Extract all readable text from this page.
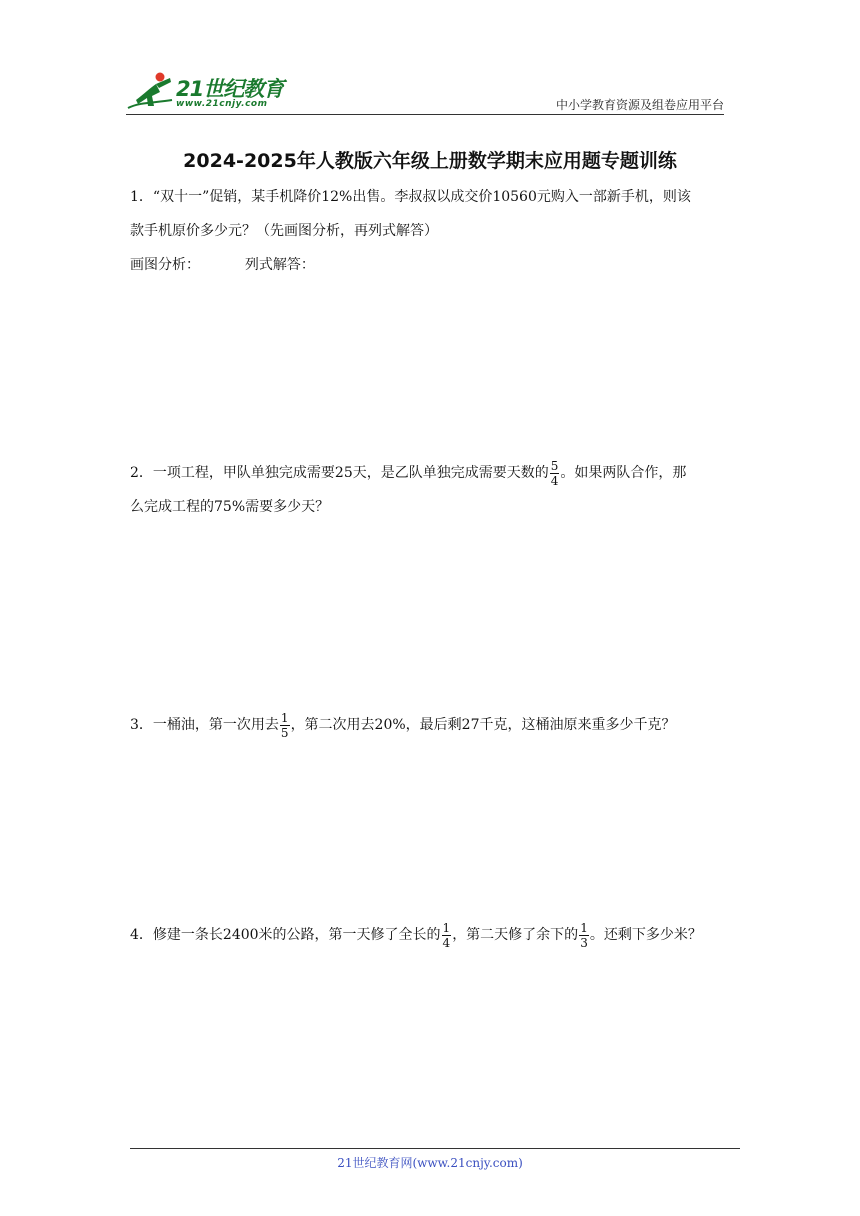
21世纪教育
www.21cnjy.com	中小学教育资源及组卷应用平台
2024-2025年人教版六年级上册数学期末应用题专题训练

1．“双十一”促销，某手机降价12%出售。李叔叔以成交价10560元购入一部新手机，则该

款手机原价多少元？（先画图分析，再列式解答）

画图分析：	列式解答：

2．一项工程，甲队单独完成需要25天，是乙队单独完成需要天数的 $\frac{5}{4}$ 。如果两队合作，那

么完成工程的75%需要多少天？

3．一桶油，第一次用去 $\frac{1}{5}$ ，第二次用去20%，最后剩27千克，这桶油原来重多少千克？

4．修建一条长2400米的公路，第一天修了全长的 $\frac{1}{4}$ ，第二天修了余下的 $\frac{1}{3}$ 。还剩下多少米？

21世纪教育网(www.21cnjy.com)
